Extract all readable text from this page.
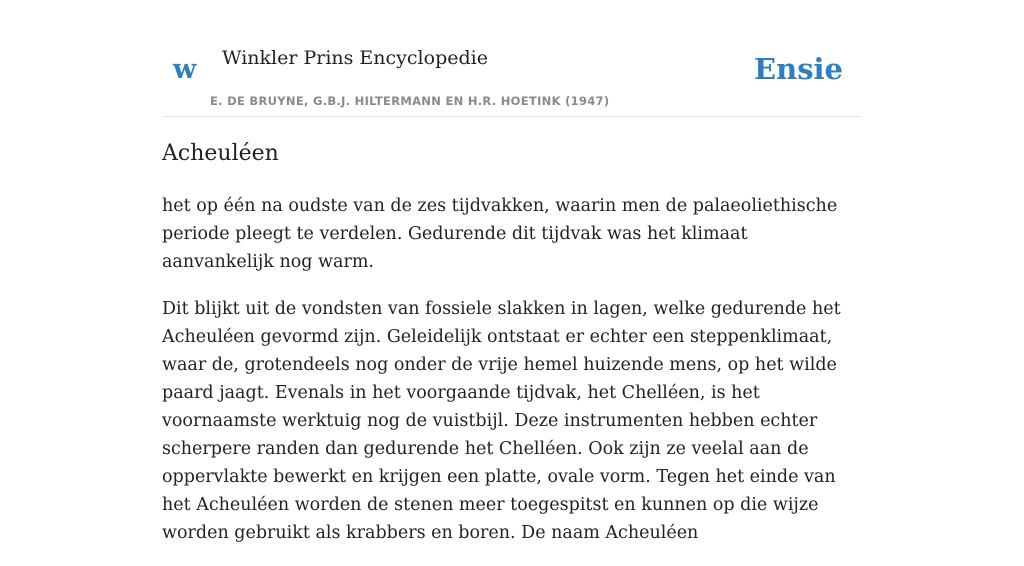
w Winkler Prins Encyclopedie
E. DE BRUYNE, G.B.J. HILTERMANN EN H.R. HOETINK (1947)
Ensie
Acheuléen

het op één na oudste van de zes tijdvakken, waarin men de palaeoliethische periode pleegt te verdelen. Gedurende dit tijdvak was het klimaat aanvankelijk nog warm.

Dit blijkt uit de vondsten van fossiele slakken in lagen, welke gedurende het Acheuléen gevormd zijn. Geleidelijk ontstaat er echter een steppenklimaat, waar de, grotendeels nog onder de vrije hemel huizende mens, op het wilde paard jaagt. Evenals in het voorgaande tijdvak, het Chelléen, is het voornaamste werktuig nog de vuistbijl. Deze instrumenten hebben echter scherpere randen dan gedurende het Chelléen. Ook zijn ze veelal aan de oppervlakte bewerkt en krijgen een platte, ovale vorm. Tegen het einde van het Acheuléen worden de stenen meer toegespitst en kunnen op die wijze worden gebruikt als krabbers en boren. De naam Acheuléen
